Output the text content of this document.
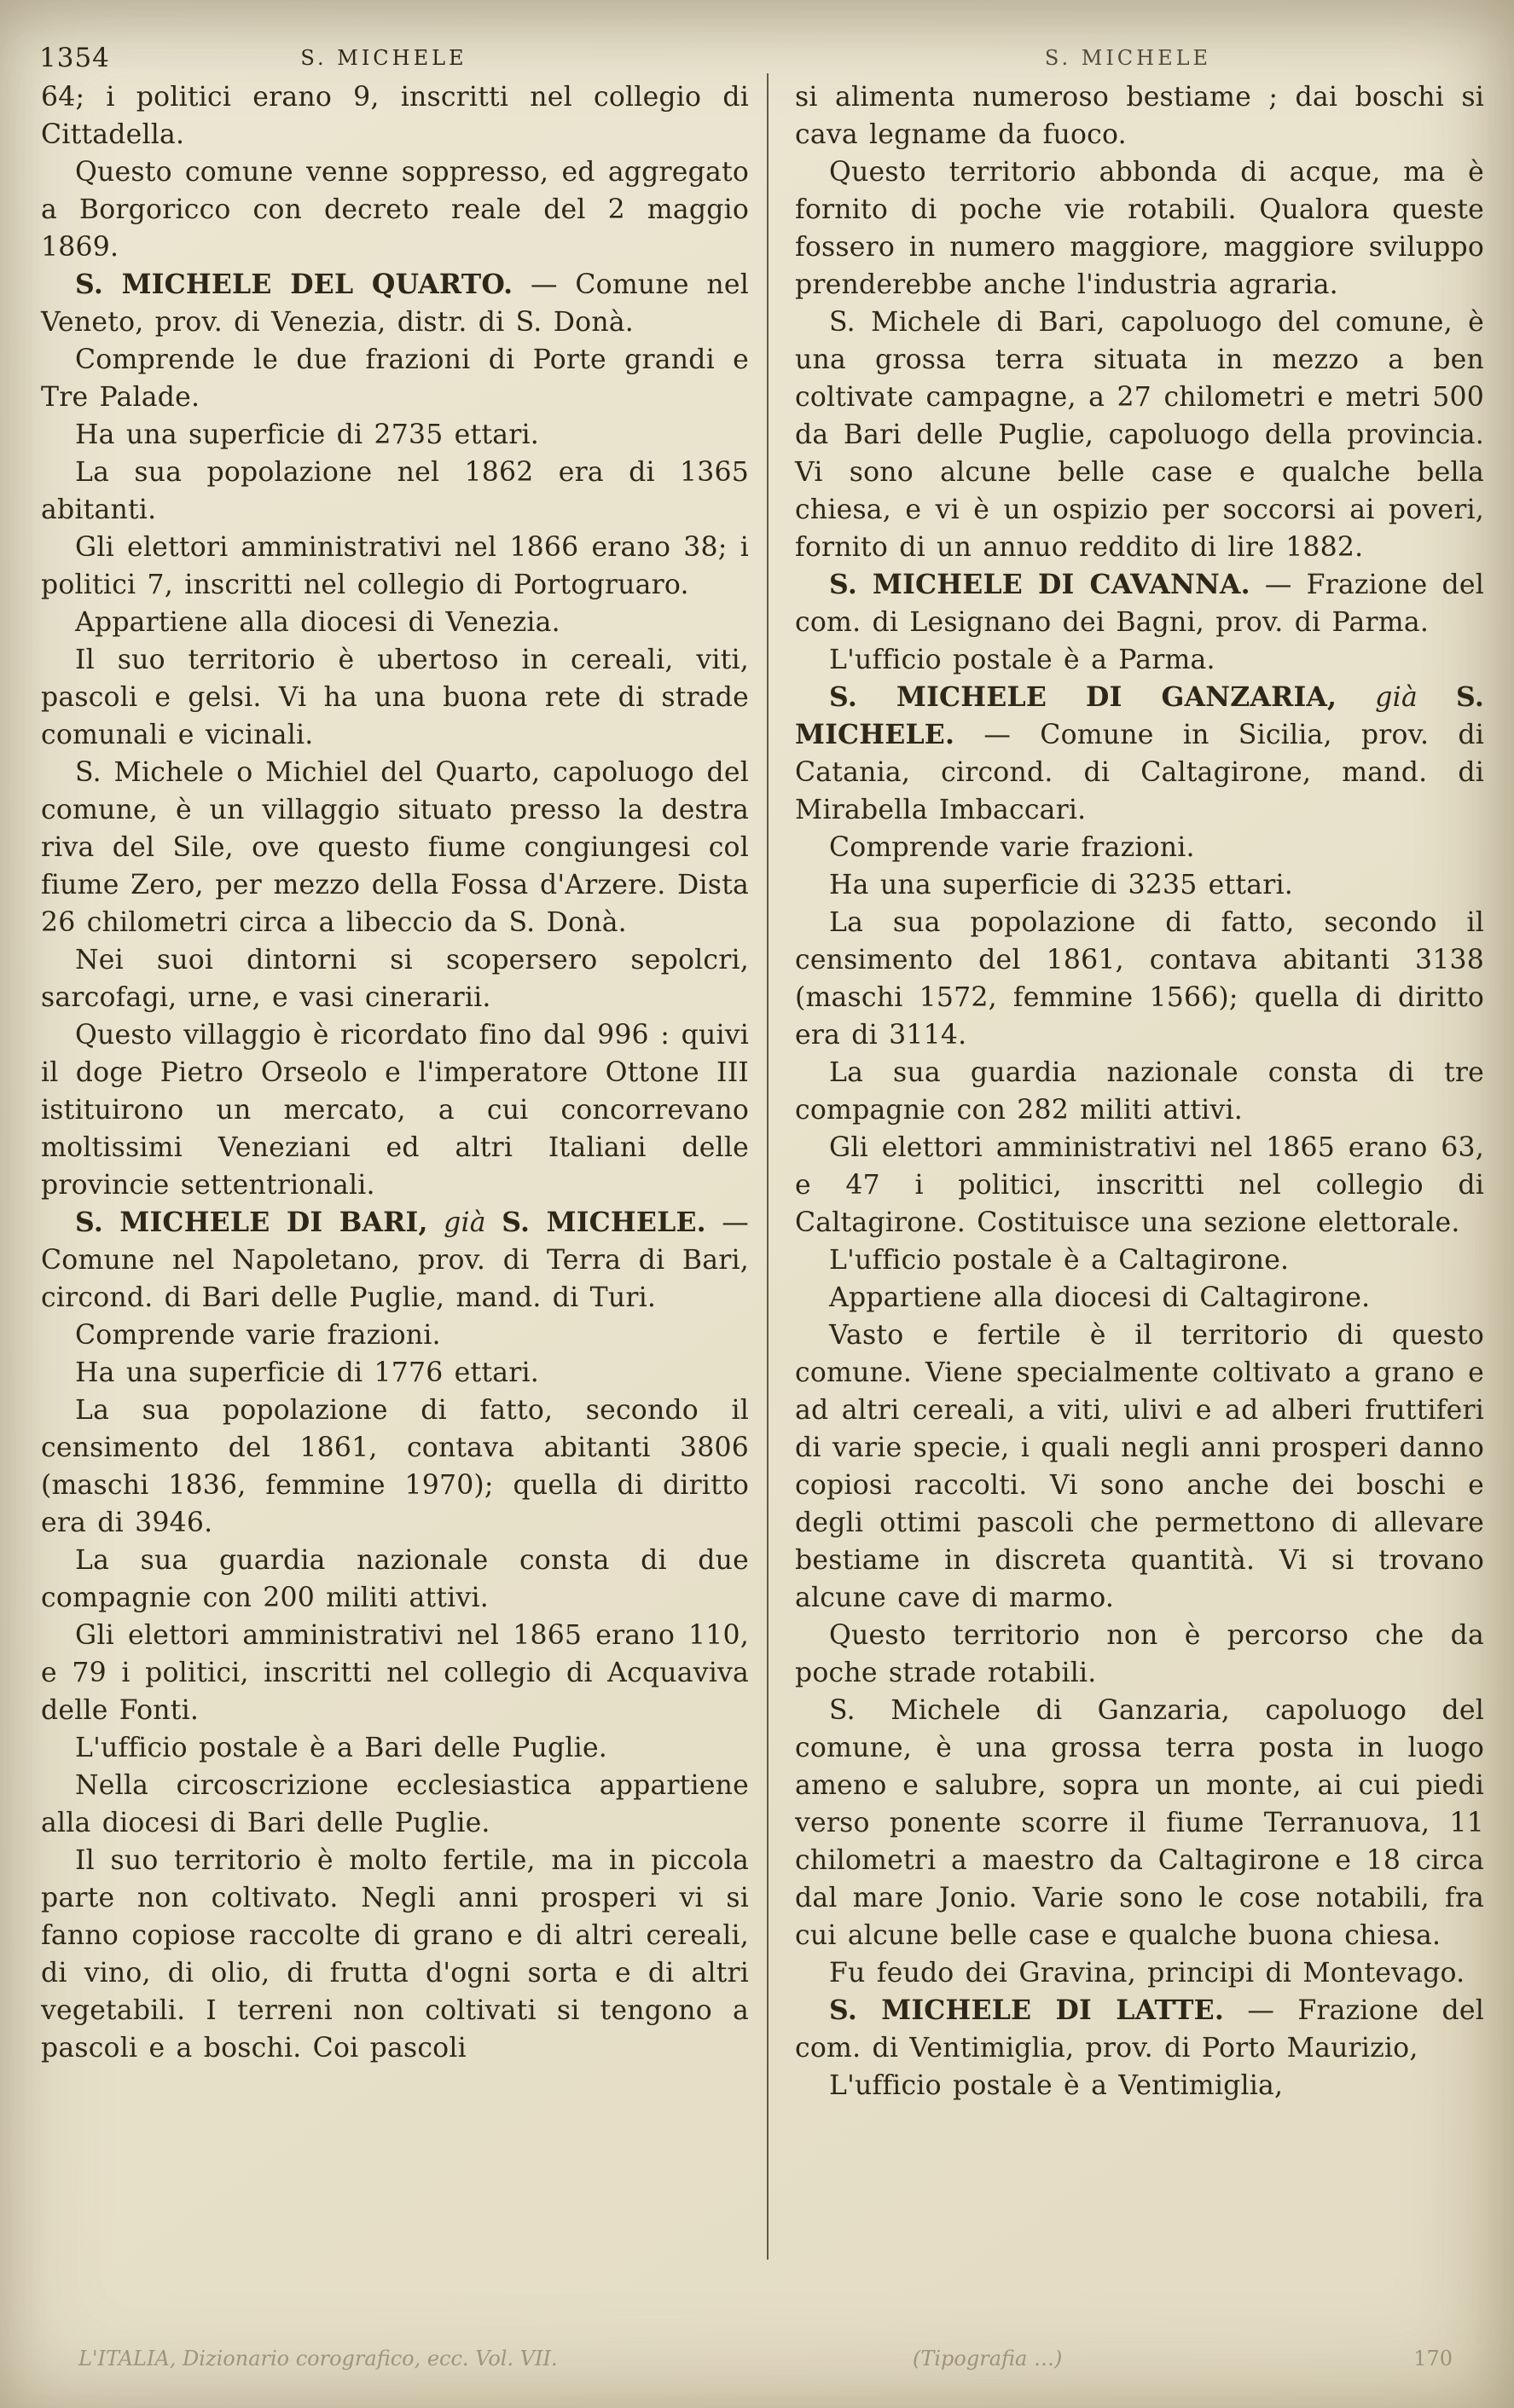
1354	S. MICHELE	S. MICHELE

64; i politici erano 9, inscritti nel collegio di Cittadella.

Questo comune venne soppresso, ed aggregato a Borgoricco con decreto reale del 2 maggio 1869.

S. MICHELE DEL QUARTO. — Comune nel Veneto, prov. di Venezia, distr. di S. Donà.

Comprende le due frazioni di Porte grandi e Tre Palade.

Ha una superficie di 2735 ettari.

La sua popolazione nel 1862 era di 1365 abitanti.

Gli elettori amministrativi nel 1866 erano 38; i politici 7, inscritti nel collegio di Portogruaro.

Appartiene alla diocesi di Venezia.

Il suo territorio è ubertoso in cereali, viti, pascoli e gelsi. Vi ha una buona rete di strade comunali e vicinali.

S. Michele o Michiel del Quarto, capoluogo del comune, è un villaggio situato presso la destra riva del Sile, ove questo fiume congiungesi col fiume Zero, per mezzo della Fossa d'Arzere. Dista 26 chilometri circa a libeccio da S. Donà.

Nei suoi dintorni si scopersero sepolcri, sarcofagi, urne, e vasi cinerarii.

Questo villaggio è ricordato fino dal 996 : quivi il doge Pietro Orseolo e l'imperatore Ottone III istituirono un mercato, a cui concorrevano moltissimi Veneziani ed altri Italiani delle provincie settentrionali.

S. MICHELE DI BARI, già S. MICHELE. — Comune nel Napoletano, prov. di Terra di Bari, circond. di Bari delle Puglie, mand. di Turi.

Comprende varie frazioni.

Ha una superficie di 1776 ettari.

La sua popolazione di fatto, secondo il censimento del 1861, contava abitanti 3806 (maschi 1836, femmine 1970); quella di diritto era di 3946.

La sua guardia nazionale consta di due compagnie con 200 militi attivi.

Gli elettori amministrativi nel 1865 erano 110, e 79 i politici, inscritti nel collegio di Acquaviva delle Fonti.

L'ufficio postale è a Bari delle Puglie.

Nella circoscrizione ecclesiastica appartiene alla diocesi di Bari delle Puglie.

Il suo territorio è molto fertile, ma in piccola parte non coltivato. Negli anni prosperi vi si fanno copiose raccolte di grano e di altri cereali, di vino, di olio, di frutta d'ogni sorta e di altri vegetabili. I terreni non coltivati si tengono a pascoli e a boschi. Coi pascoli

si alimenta numeroso bestiame ; dai boschi si cava legname da fuoco.

Questo territorio abbonda di acque, ma è fornito di poche vie rotabili. Qualora queste fossero in numero maggiore, maggiore sviluppo prenderebbe anche l'industria agraria.

S. Michele di Bari, capoluogo del comune, è una grossa terra situata in mezzo a ben coltivate campagne, a 27 chilometri e metri 500 da Bari delle Puglie, capoluogo della provincia. Vi sono alcune belle case e qualche bella chiesa, e vi è un ospizio per soccorsi ai poveri, fornito di un annuo reddito di lire 1882.

S. MICHELE DI CAVANNA. — Frazione del com. di Lesignano dei Bagni, prov. di Parma.

L'ufficio postale è a Parma.

S. MICHELE DI GANZARIA, già S. MICHELE. — Comune in Sicilia, prov. di Catania, circond. di Caltagirone, mand. di Mirabella Imbaccari.

Comprende varie frazioni.

Ha una superficie di 3235 ettari.

La sua popolazione di fatto, secondo il censimento del 1861, contava abitanti 3138 (maschi 1572, femmine 1566); quella di diritto era di 3114.

La sua guardia nazionale consta di tre compagnie con 282 militi attivi.

Gli elettori amministrativi nel 1865 erano 63, e 47 i politici, inscritti nel collegio di Caltagirone. Costituisce una sezione elettorale.

L'ufficio postale è a Caltagirone.

Appartiene alla diocesi di Caltagirone.

Vasto e fertile è il territorio di questo comune. Viene specialmente coltivato a grano e ad altri cereali, a viti, ulivi e ad alberi fruttiferi di varie specie, i quali negli anni prosperi danno copiosi raccolti. Vi sono anche dei boschi e degli ottimi pascoli che permettono di allevare bestiame in discreta quantità. Vi si trovano alcune cave di marmo.

Questo territorio non è percorso che da poche strade rotabili.

S. Michele di Ganzaria, capoluogo del comune, è una grossa terra posta in luogo ameno e salubre, sopra un monte, ai cui piedi verso ponente scorre il fiume Terranuova, 11 chilometri a maestro da Caltagirone e 18 circa dal mare Jonio. Varie sono le cose notabili, fra cui alcune belle case e qualche buona chiesa.

Fu feudo dei Gravina, principi di Montevago.

S. MICHELE DI LATTE. — Frazione del com. di Ventimiglia, prov. di Porto Maurizio,

L'ufficio postale è a Ventimiglia,

L'ITALIA, Dizionario corografico, ecc. Vol. VII.	(Tipografia …)	170
